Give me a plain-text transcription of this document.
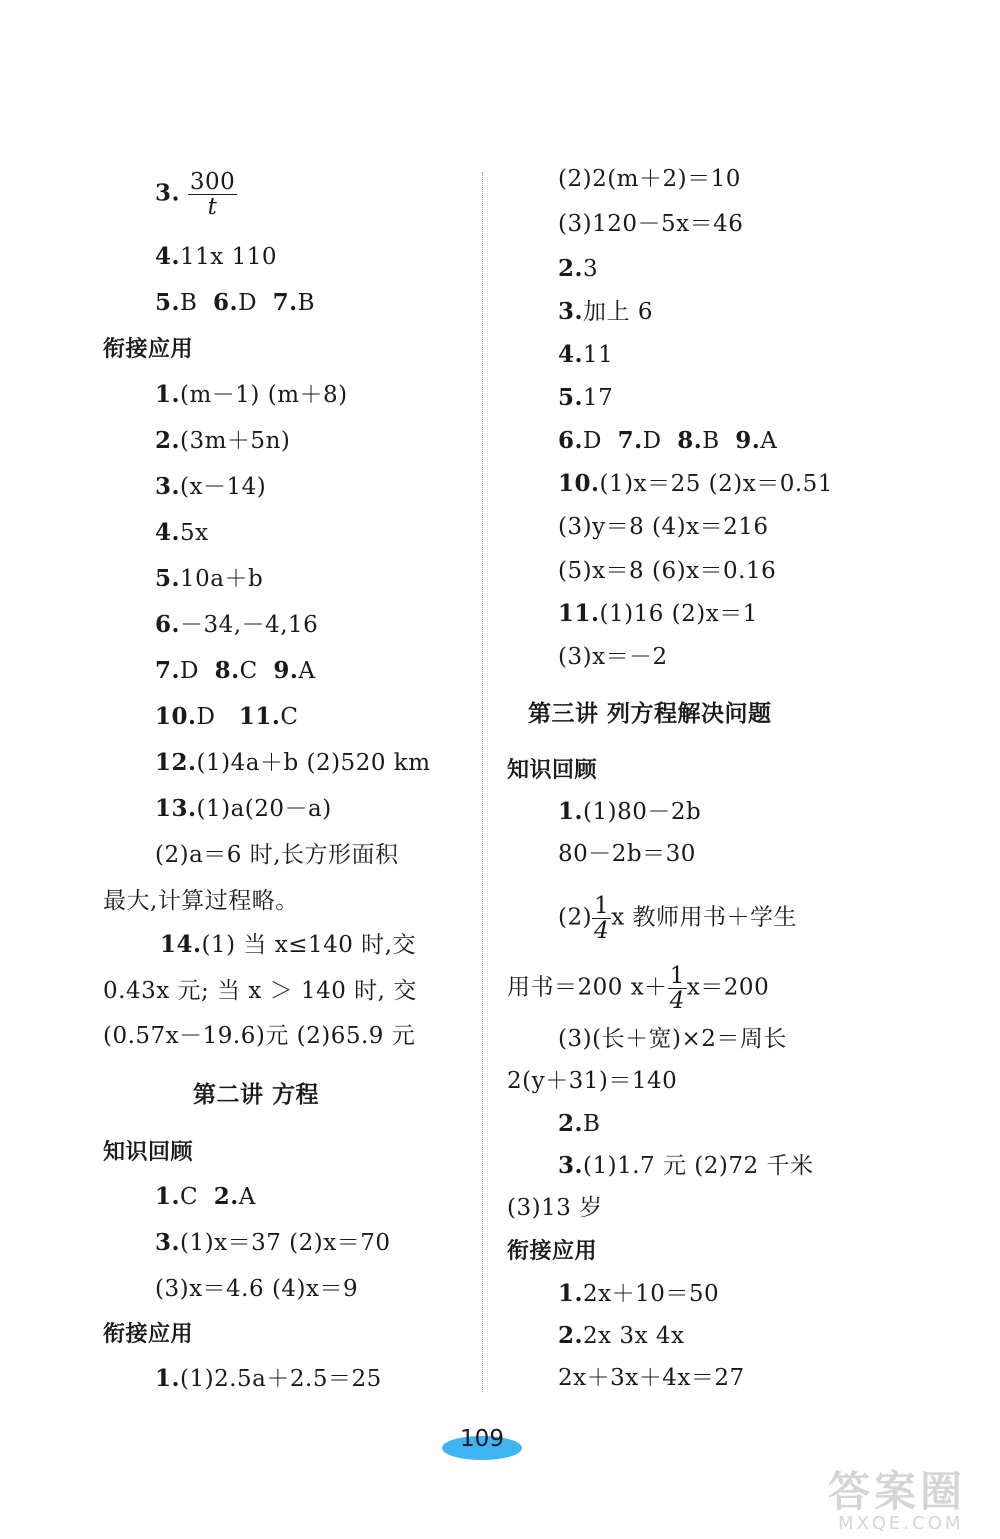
3. $\frac{300}{t}$
4.11x 110
5.B 6.D 7.B
衔接应用
1.(m－1) (m＋8)
2.(3m＋5n)
3.(x－14)
4.5x
5.10a＋b
6.－34,－4,16
7.D 8.C 9.A
10.D 11.C
12.(1)4a＋b (2)520 km
13.(1)a(20－a)
(2)a＝6 时,长方形面积
最大,计算过程略。
14.(1) 当 x≤140 时,交
0.43x 元; 当 x ＞ 140 时, 交
(0.57x－19.6)元 (2)65.9 元
第二讲 方程
知识回顾
1.C 2.A
3.(1)x＝37 (2)x＝70
(3)x＝4.6 (4)x＝9
衔接应用
1.(1)2.5a＋2.5＝25
(2)2(m＋2)＝10
(3)120－5x＝46
2.3
3.加上 6
4.11
5.17
6.D 7.D 8.B 9.A
10.(1)x＝25 (2)x＝0.51
(3)y＝8 (4)x＝216
(5)x＝8 (6)x＝0.16
11.(1)16 (2)x＝1
(3)x＝－2
第三讲 列方程解决问题
知识回顾
1.(1)80－2b
80－2b＝30
$(2) \frac{1}{4}$ x 教师用书＋学生
用书＝200 $x+ \frac{1}{4} x=200$
(3)(长＋宽)×2＝周长
2(y＋31)＝140
2.B
3.(1)1.7 元 (2)72 千米
(3)13 岁
衔接应用
1.2x＋10＝50
2.2x 3x 4x
2x＋3x＋4x＝27
109
答案圈
MXQE.COM
